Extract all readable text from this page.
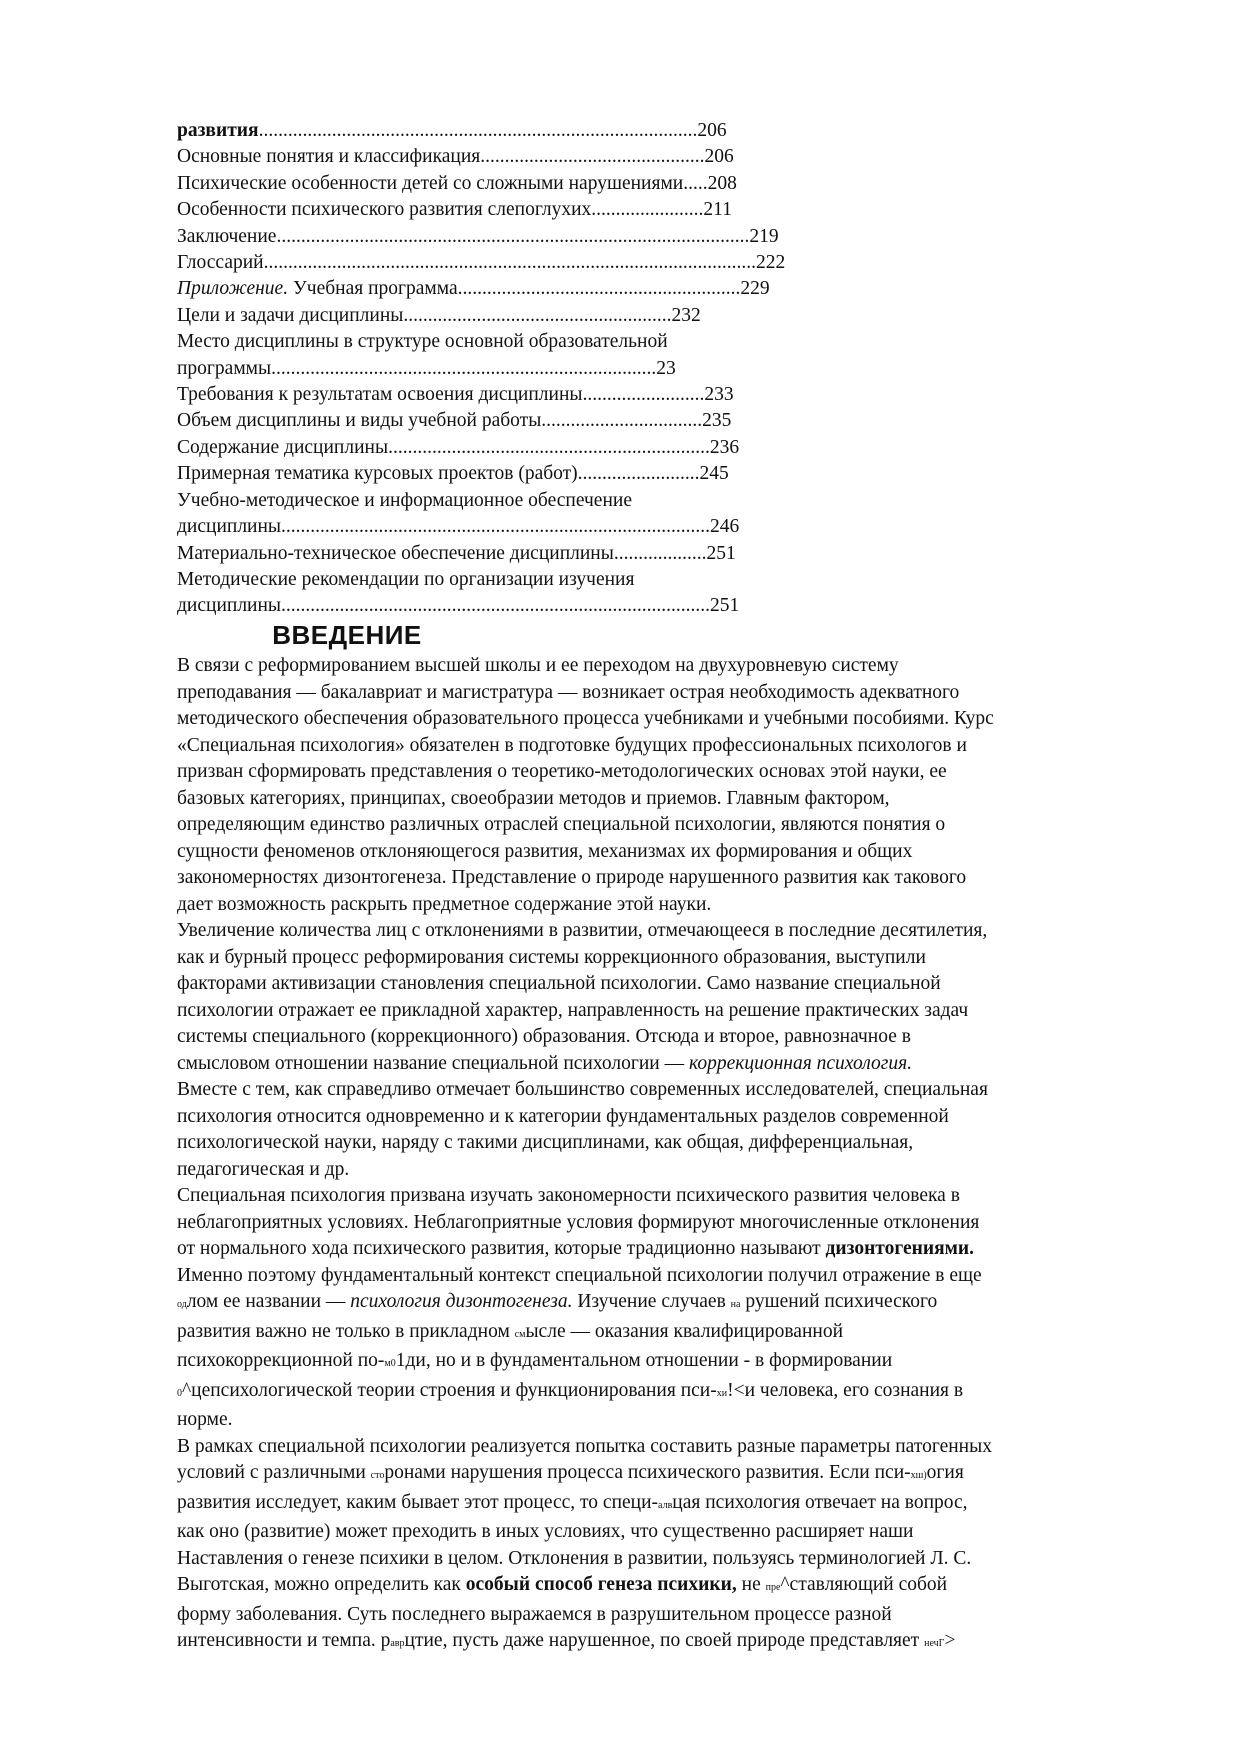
развития..........................................................................................206
Основные понятия и классификация..............................................206
Психические особенности детей со сложными нарушениями.....208
Особенности психического развития слепоглухих.......................211
Заключение.................................................................................................219
Глоссарий.....................................................................................................222
Приложение. Учебная программа..........................................................229
Цели и задачи дисциплины.......................................................232
Место дисциплины в структуре основной образовательной
программы...............................................................................23
Требования к результатам освоения дисциплины.........................233
Объем дисциплины и виды учебной работы.................................235
Содержание дисциплины..................................................................236
Примерная тематика курсовых проектов (работ).........................245
Учебно-методическое и информационное обеспечение
дисциплины........................................................................................246
Материально-техническое обеспечение дисциплины...................251
Методические рекомендации по организации изучения
дисциплины........................................................................................251
ВВЕДЕНИЕ
В связи с реформированием высшей школы и ее переходом на двухуровневую систему
преподавания — бакалавриат и магистратура — возникает острая необходимость адекватного
методического обеспечения образовательного процесса учебниками и учебными пособиями. Курс
«Специальная психология» обязателен в подготовке будущих профессиональных психологов и
призван сформировать представления о теоретико-методологических основах этой науки, ее
базовых категориях, принципах, своеобразии методов и приемов. Главным фактором,
определяющим единство различных отраслей специальной психологии, являются понятия о
сущности феноменов отклоняющегося развития, механизмах их формирования и общих
закономерностях дизонтогенеза. Представление о природе нарушенного развития как такового
дает возможность раскрыть предметное содержание этой науки.
Увеличение количества лиц с отклонениями в развитии, отмечающееся в последние десятилетия,
как и бурный процесс реформирования системы коррекционного образования, выступили
факторами активизации становления специальной психологии. Само название специальной
психологии отражает ее прикладной характер, направленность на решение практических задач
системы специального (коррекционного) образования. Отсюда и второе, равнозначное в
смысловом отношении название специальной психологии — коррекционная психология.
Вместе с тем, как справедливо отмечает большинство современных исследователей, специальная
психология относится одновременно и к категории фундаментальных разделов современной
психологической науки, наряду с такими дисциплинами, как общая, дифференциальная,
педагогическая и др.
Специальная психология призвана изучать закономерности психического развития человека в
неблагоприятных условиях. Неблагоприятные условия формируют многочисленные отклонения
от нормального хода психического развития, которые традиционно называют дизонтогениями.
Именно поэтому фундаментальный контекст специальной психологии получил отражение в еще
одлом ее названии — психология дизонтогенеза. Изучение случаев на рушений психического
развития важно не только в прикладном смысле — оказания квалифицированной
психокоррекционной по-м01ди, но и в фундаментальном отношении - в формировании
0^цепсихологической теории строения и функционирования пси-хи!<и человека, его сознания в
норме.
В рамках специальной психологии реализуется попытка составить разные параметры патогенных
условий с различными сторонами нарушения процесса психического развития. Если пси-хш)огия
развития исследует, каким бывает этот процесс, то специ-алвцая психология отвечает на вопрос,
как оно (развитие) может преходить в иных условиях, что существенно расширяет наши
Наставления о генезе психики в целом. Отклонения в развитии, пользуясь терминологией Л. С.
Выготская, можно определить как особый способ генеза психики, не пре^ставляющий собой
форму заболевания. Суть последнего выражаемся в разрушительном процессе разной
интенсивности и темпа. раврцтие, пусть даже нарушенное, по своей природе представляет нечГ>
